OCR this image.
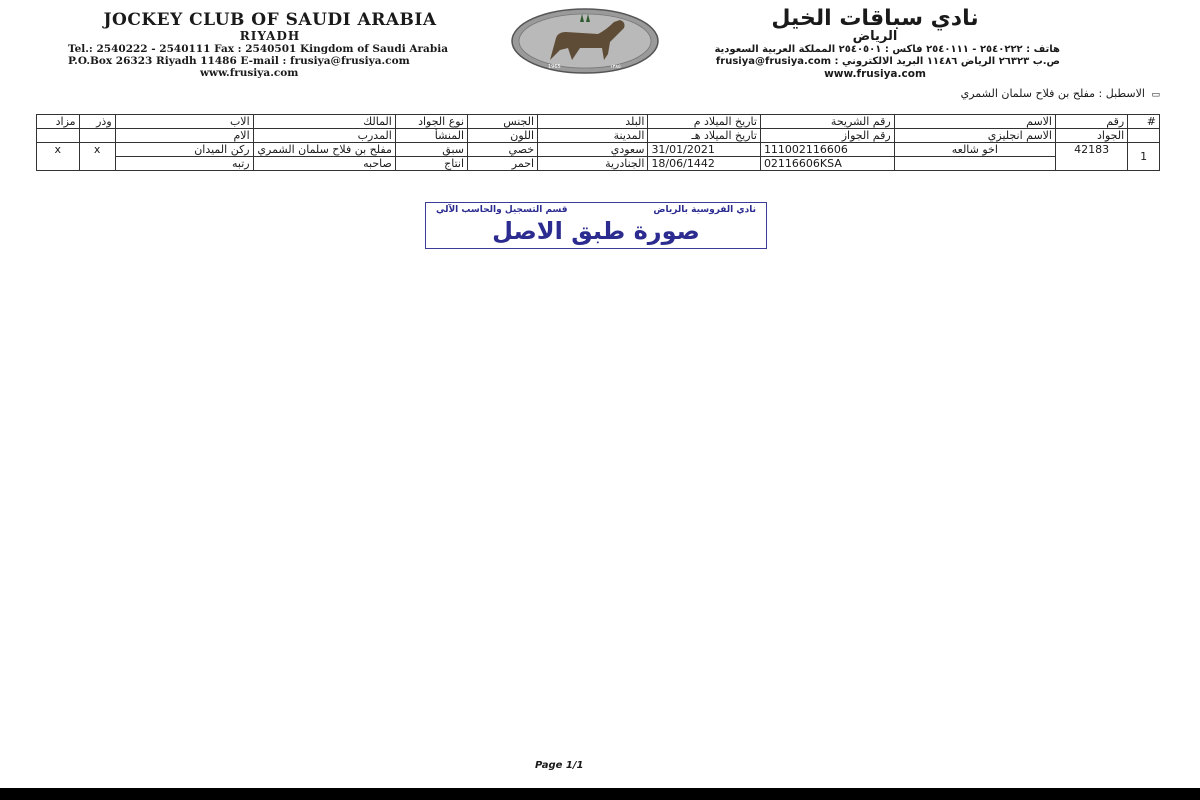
JOCKEY CLUB OF SAUDI ARABIA
RIYADH
Tel.: 2540222 - 2540111 Fax : 2540501 Kingdom of Saudi Arabia
P.O.Box 26323 Riyadh 11486 E-mail : frusiya@frusiya.com
www.frusiya.com	1965	١٣٨٥
نادي سباقات الخيل
الرياض
هاتف : ٢٥٤٠٢٢٢ - ٢٥٤٠١١١ فاكس : ٢٥٤٠٥٠١ المملكة العربية السعودية
ص.ب ٢٦٣٢٣ الرياض ١١٤٨٦ البريد الالكتروني : frusiya@frusiya.com
www.frusiya.com
▭ الاسطبل : مفلح بن فلاح سلمان الشمري
#	رقم	الاسم	رقم الشريحة	تاريخ الميلاد م	البلد	الجنس	نوع الجواد	المالك	الاب	وذر	مزاد
	الجواد	الاسم انجليزي	رقم الجواز	تاريخ الميلاد هـ	المدينة	اللون	المنشأ	المدرب	الام		
1	42183	اخو شالعه	111002116606	31/01/2021	سعودي	خصي	سبق	مفلح بن فلاح سلمان الشمري	ركن الميدان	x	x
			02116606KSA	18/06/1442	الجنادرية	احمر	انتاج	صاحبه	رتبه		
نادي الفروسية بالرياض
قسم التسجيل والحاسب الآلي
صورة طبق الاصل
Page 1/1
